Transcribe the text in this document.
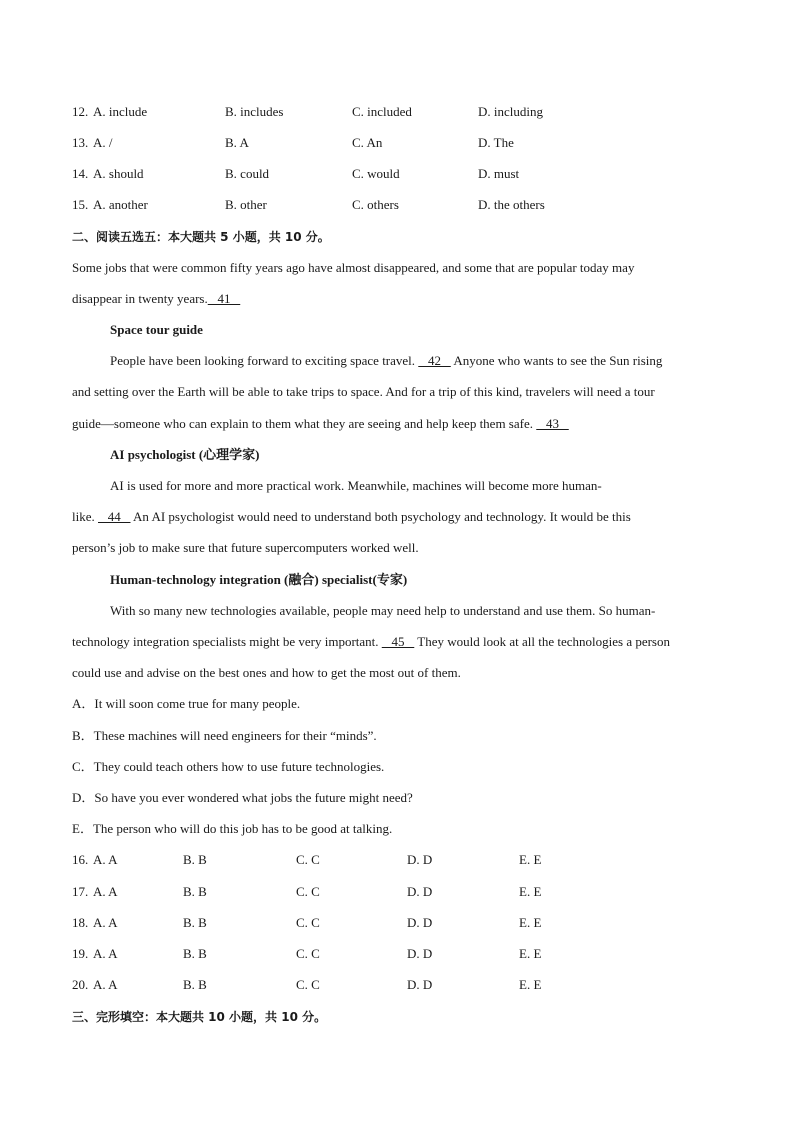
12. A. include	B. includes	C. included	D. including
13. A. /	B. A	C. An	D. The
14. A. should	B. could	C. would	D. must
15. A. another	B. other	C. others	D. the others
二、阅读五选五：本大题共 5 小题，共 10 分。
Some jobs that were common fifty years ago have almost disappeared, and some that are popular today may
disappear in twenty years.   41
Space tour guide
People have been looking forward to exciting space travel.    42    Anyone who wants to see the Sun rising
and setting over the Earth will be able to take trips to space. And for a trip of this kind, travelers will need a tour
guide—someone who can explain to them what they are seeing and help keep them safe.    43
AI psychologist (心理学家)
AI is used for more and more practical work. Meanwhile, machines will become more human-
like.    44    An AI psychologist would need to understand both psychology and technology. It would be this
person’s job to make sure that future supercomputers worked well.
Human-technology integration (融合) specialist(专家)
With so many new technologies available, people may need help to understand and use them. So human-
technology integration specialists might be very important.    45    They would look at all the technologies a person
could use and advise on the best ones and how to get the most out of them.
A．It will soon come true for many people.
B．These machines will need engineers for their “minds”.
C．They could teach others how to use future technologies.
D．So have you ever wondered what jobs the future might need?
E．The person who will do this job has to be good at talking.
16. A. A	B. B	C. C	D. D	E. E
17. A. A	B. B	C. C	D. D	E. E
18. A. A	B. B	C. C	D. D	E. E
19. A. A	B. B	C. C	D. D	E. E
20. A. A	B. B	C. C	D. D	E. E
三、完形填空：本大题共 10 小题，共 10 分。
